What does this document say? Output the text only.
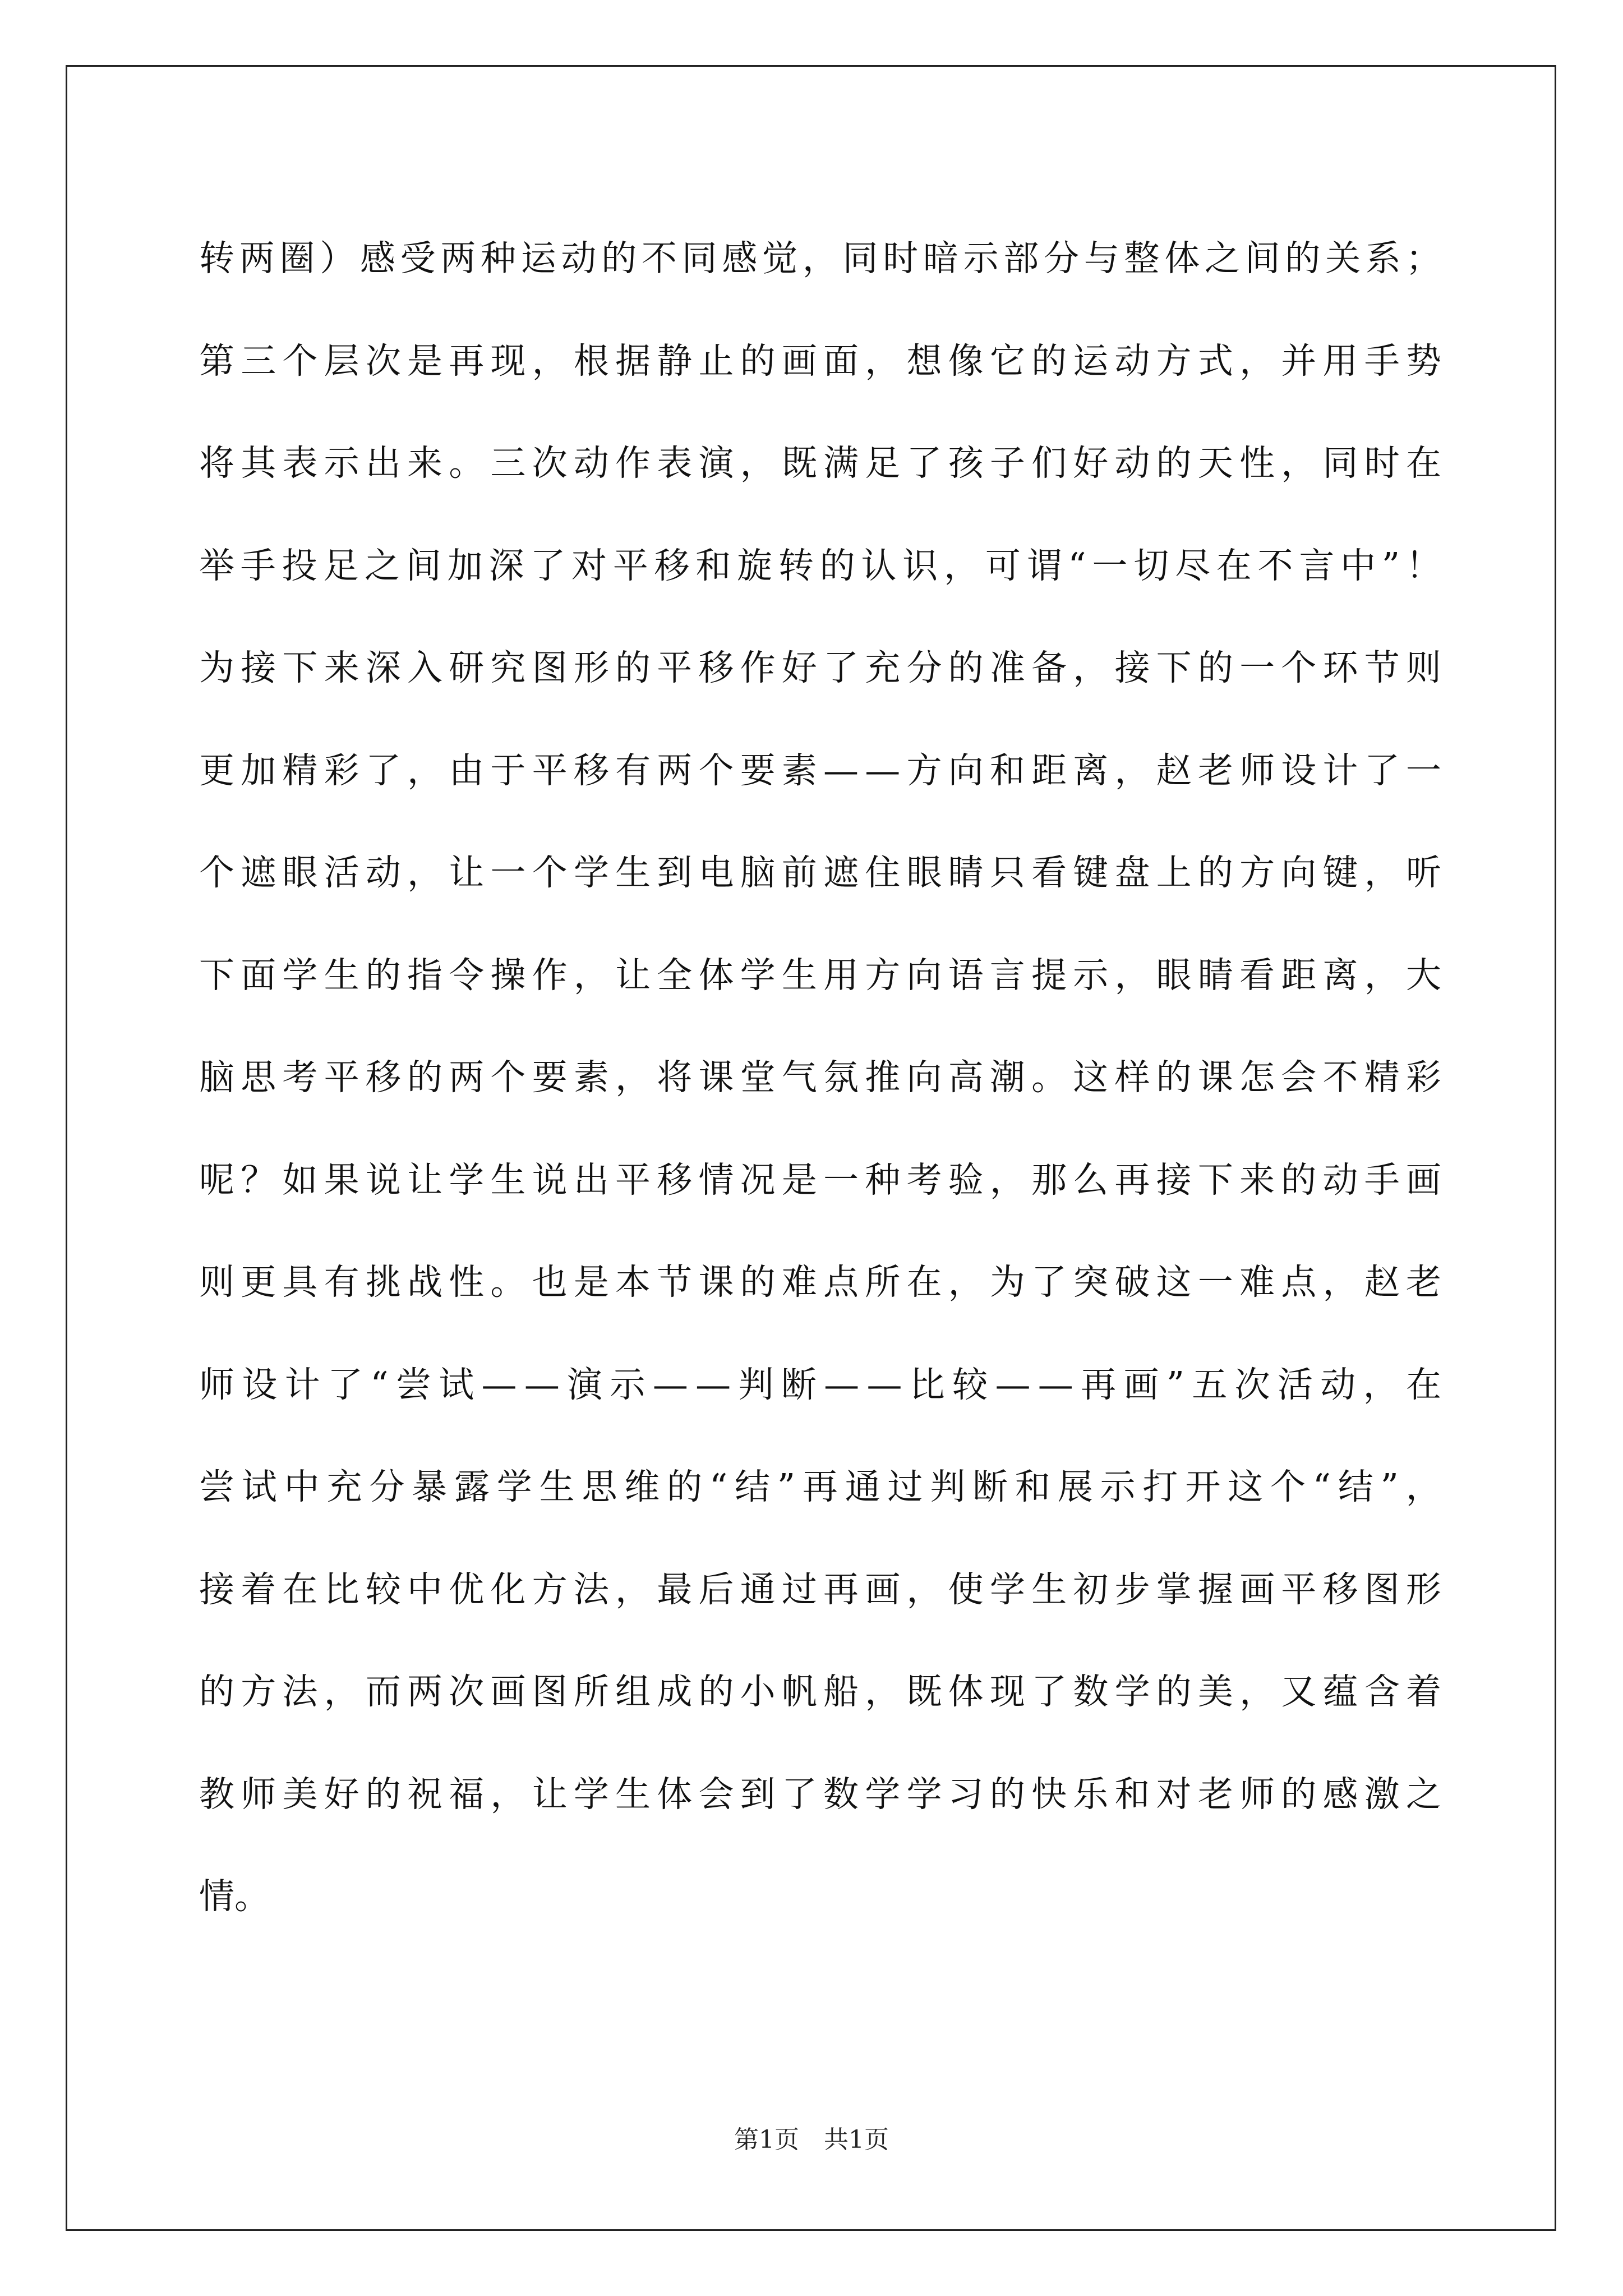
转 两 圈 ） 感 受 两 种 运 动 的 不 同 感 觉 ， 同 时 暗 示 部 分 与 整 体 之 间 的 关 系 ；
第 三 个 层 次 是 再 现 ， 根 据 静 止 的 画 面 ， 想 像 它 的 运 动 方 式 ， 并 用 手 势
将 其 表 示 出 来 。 三 次 动 作 表 演 ， 既 满 足 了 孩 子 们 好 动 的 天 性 ， 同 时 在
举 手 投 足 之 间 加 深 了 对 平 移 和 旋 转 的 认 识 ， 可 谓 “ 一 切 尽 在 不 言 中 ” ！
为 接 下 来 深 入 研 究 图 形 的 平 移 作 好 了 充 分 的 准 备 ， 接 下 的 一 个 环 节 则
更 加 精 彩 了 ， 由 于 平 移 有 两 个 要 素 — — 方 向 和 距 离 ， 赵 老 师 设 计 了 一
个 遮 眼 活 动 ， 让 一 个 学 生 到 电 脑 前 遮 住 眼 睛 只 看 键 盘 上 的 方 向 键 ， 听
下 面 学 生 的 指 令 操 作 ， 让 全 体 学 生 用 方 向 语 言 提 示 ， 眼 睛 看 距 离 ， 大
脑 思 考 平 移 的 两 个 要 素 ， 将 课 堂 气 氛 推 向 高 潮 。 这 样 的 课 怎 会 不 精 彩
呢 ？ 如 果 说 让 学 生 说 出 平 移 情 况 是 一 种 考 验 ， 那 么 再 接 下 来 的 动 手 画
则 更 具 有 挑 战 性 。 也 是 本 节 课 的 难 点 所 在 ， 为 了 突 破 这 一 难 点 ， 赵 老
师 设 计 了 “ 尝 试 — — 演 示 — — 判 断 — — 比 较 — — 再 画 ” 五 次 活 动 ， 在
尝 试 中 充 分 暴 露 学 生 思 维 的 “ 结 ” 再 通 过 判 断 和 展 示 打 开 这 个 “ 结 ” ，
接 着 在 比 较 中 优 化 方 法 ， 最 后 通 过 再 画 ， 使 学 生 初 步 掌 握 画 平 移 图 形
的 方 法 ， 而 两 次 画 图 所 组 成 的 小 帆 船 ， 既 体 现 了 数 学 的 美 ， 又 蕴 含 着
教 师 美 好 的 祝 福 ， 让 学 生 体 会 到 了 数 学 学 习 的 快 乐 和 对 老 师 的 感 激 之
情 。
第1页　共1页
